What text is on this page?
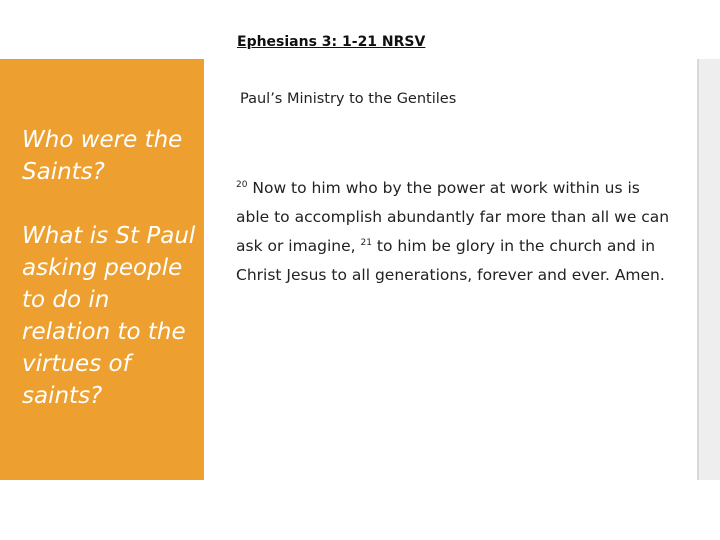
Ephesians 3: 1-21 NRSV
Who were the Saints?
What is St Paul asking people to do in relation to the virtues of saints?
Paul’s Ministry to the Gentiles
$^{20}$ Now to him who by the power at work within us is able to accomplish abundantly far more than all we can ask or imagine, $^{21}$ to him be glory in the church and in Christ Jesus to all generations, forever and ever. Amen.
